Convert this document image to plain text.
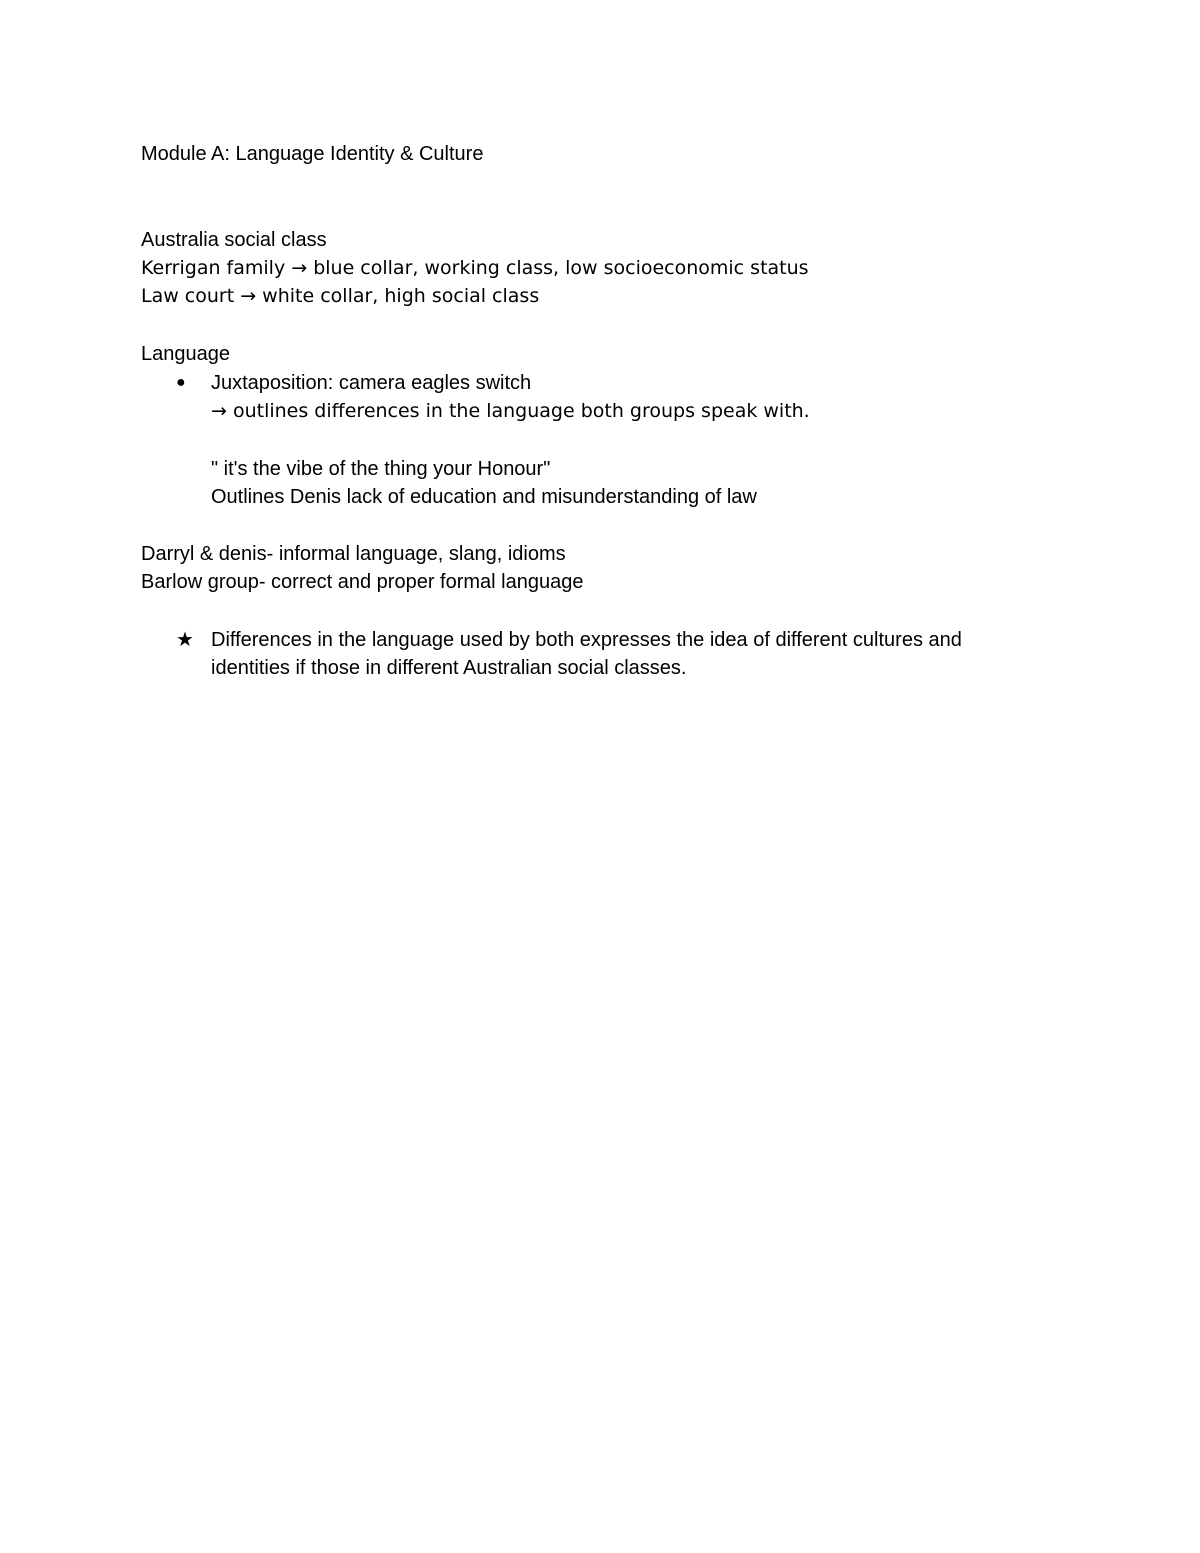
Module A: Language Identity & Culture
Australia social class
Kerrigan family → blue collar, working class, low socioeconomic status
Law court → white collar, high social class
Language
● Juxtaposition: camera eagles switch
→ outlines differences in the language both groups speak with.
" it's the vibe of the thing your Honour"
Outlines Denis lack of education and misunderstanding of law
Darryl & denis- informal language, slang, idioms
Barlow group- correct and proper formal language
★ Differences in the language used by both expresses the idea of different cultures and
identities if those in different Australian social classes.
